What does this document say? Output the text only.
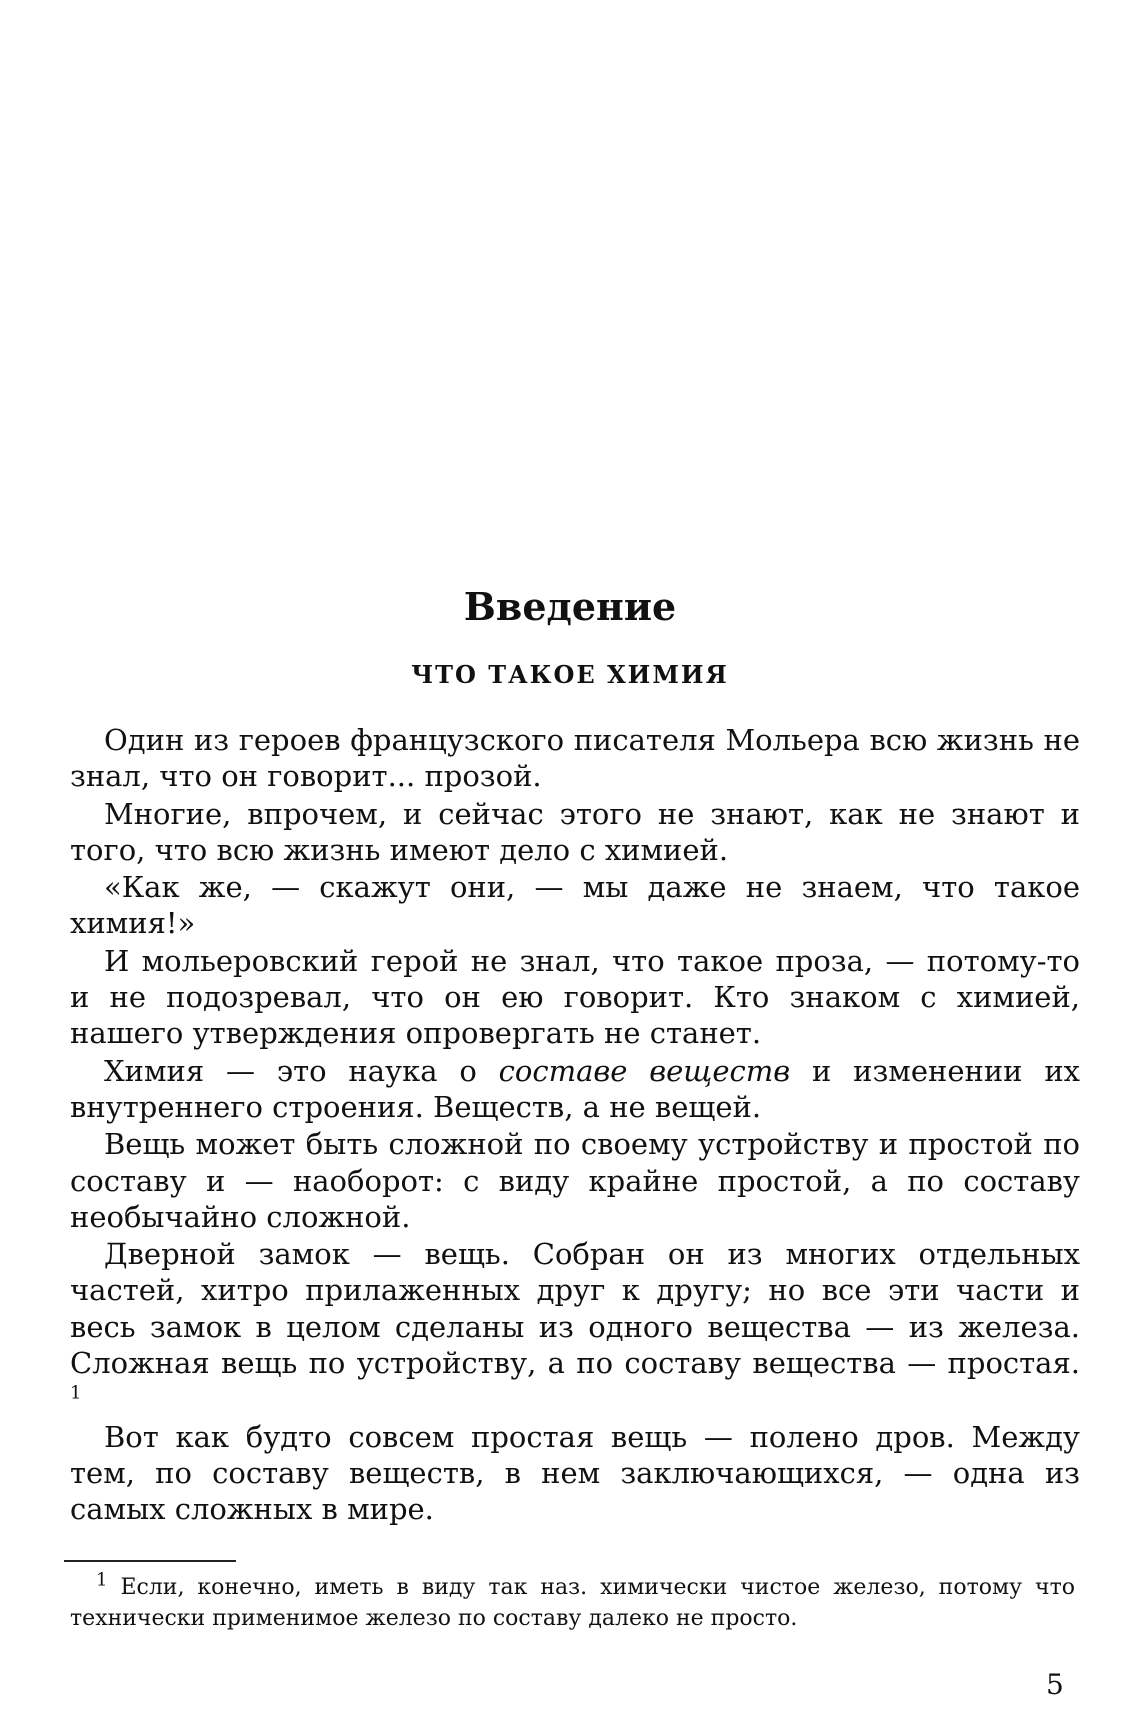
Введение
ЧТО ТАКОЕ ХИМИЯ

Один из героев французского писателя Мольера всю жизнь не знал, что он говорит... прозой.

Многие, впрочем, и сейчас этого не знают, как не знают и того, что всю жизнь имеют дело с химией.

«Как же, — скажут они, — мы даже не знаем, что такое химия!»

И мольеровский герой не знал, что такое проза, — потому-то и не подозревал, что он ею говорит. Кто знаком с химией, нашего утверждения опровергать не станет.

Химия — это наука о составе веществ и изменении их внутреннего строения. Веществ, а не вещей.

Вещь может быть сложной по своему устройству и простой по составу и — наоборот: с виду крайне простой, а по составу необычайно сложной.

Дверной замок — вещь. Собран он из многих отдельных частей, хитро прилаженных друг к другу; но все эти части и весь замок в целом сделаны из одного вещества — из железа. Сложная вещь по устройству, а по составу вещества — простая. $^1$

Вот как будто совсем простая вещь — полено дров. Между тем, по составу веществ, в нем заключающихся, — одна из самых сложных в мире.

$^1$ Если, конечно, иметь в виду так наз. химически чистое железо, потому что технически применимое железо по составу далеко не просто.

5
